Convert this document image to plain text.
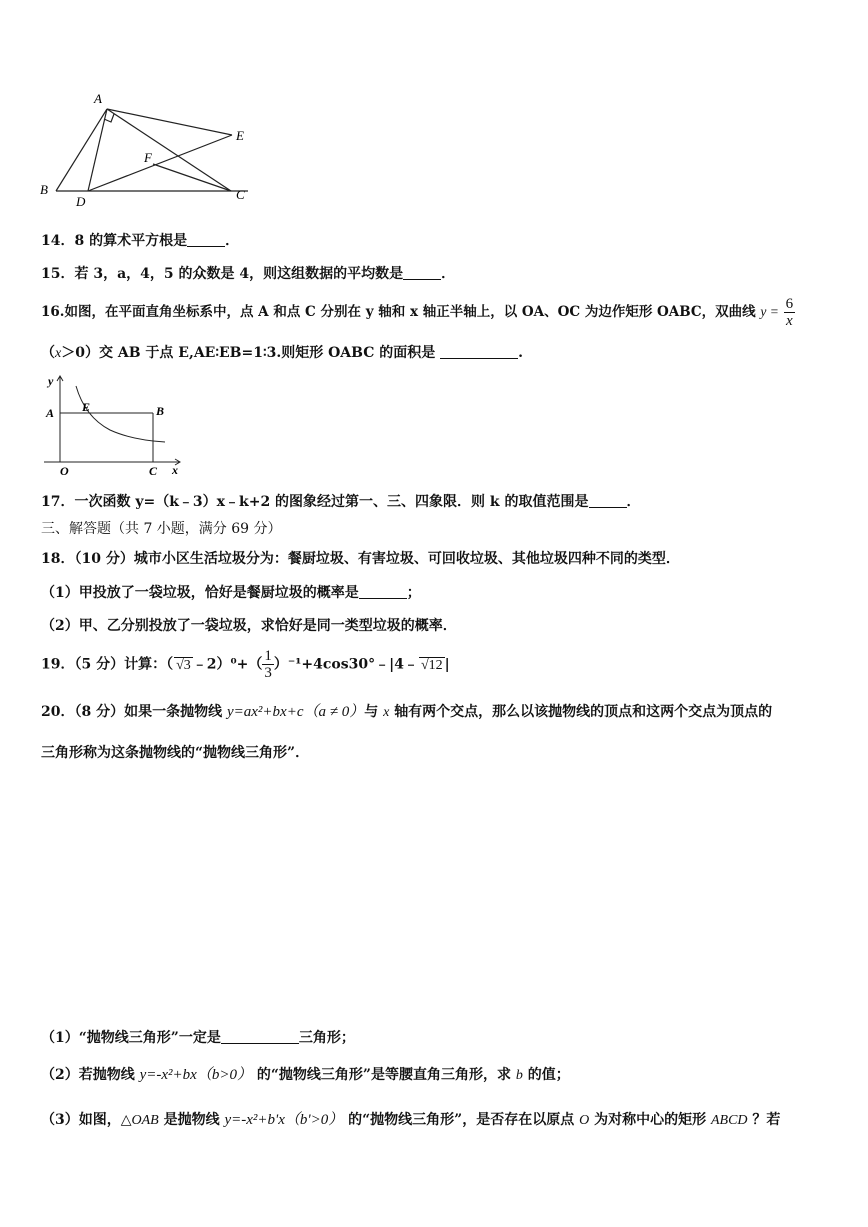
A
B	C
D
E
F
14．8 的算术平方根是	．
15．若 3，a，4，5 的众数是 4，则这组数据的平均数是	．
16.如图，在平面直角坐标系中，点 A 和点 C 分别在 y 轴和 x 轴正半轴上，以 OA、OC 为边作矩形 OABC，双曲线 $y = \frac{6}{x}$
（x＞0）交 AB 于点 E,AE∶EB=1∶3.则矩形 OABC 的面积是	.
y
A E	B
O	C x
17．一次函数 y=（k﹣3）x﹣k+2 的图象经过第一、三、四象限．则 k 的取值范围是	．
三、解答题（共 7 小题，满分 69 分）
18．（10 分）城市小区生活垃圾分为：餐厨垃圾、有害垃圾、可回收垃圾、其他垃圾四种不同的类型．
（1）甲投放了一袋垃圾，恰好是餐厨垃圾的概率是	；
（2）甲、乙分别投放了一袋垃圾，求恰好是同一类型垃圾的概率．
19．（5 分）计算：（ √3 ﹣2）⁰+（ $\frac{1}{3}$ ）⁻¹+4cos30°﹣|4﹣ √12 |
20．（8 分）如果一条抛物线 y=ax²+bx+c（a ≠ 0）与 x 轴有两个交点，那么以该抛物线的顶点和这两个交点为顶点的
三角形称为这条抛物线的“抛物线三角形”．
（1）“抛物线三角形”一定是	三角形；
（2）若抛物线 y=-x²+bx（b>0） 的“抛物线三角形”是等腰直角三角形，求 b 的值；
（3）如图，△OAB 是抛物线 y=-x²+b'x（b'>0） 的“抛物线三角形”，是否存在以原点 O 为对称中心的矩形 ABCD ？若
